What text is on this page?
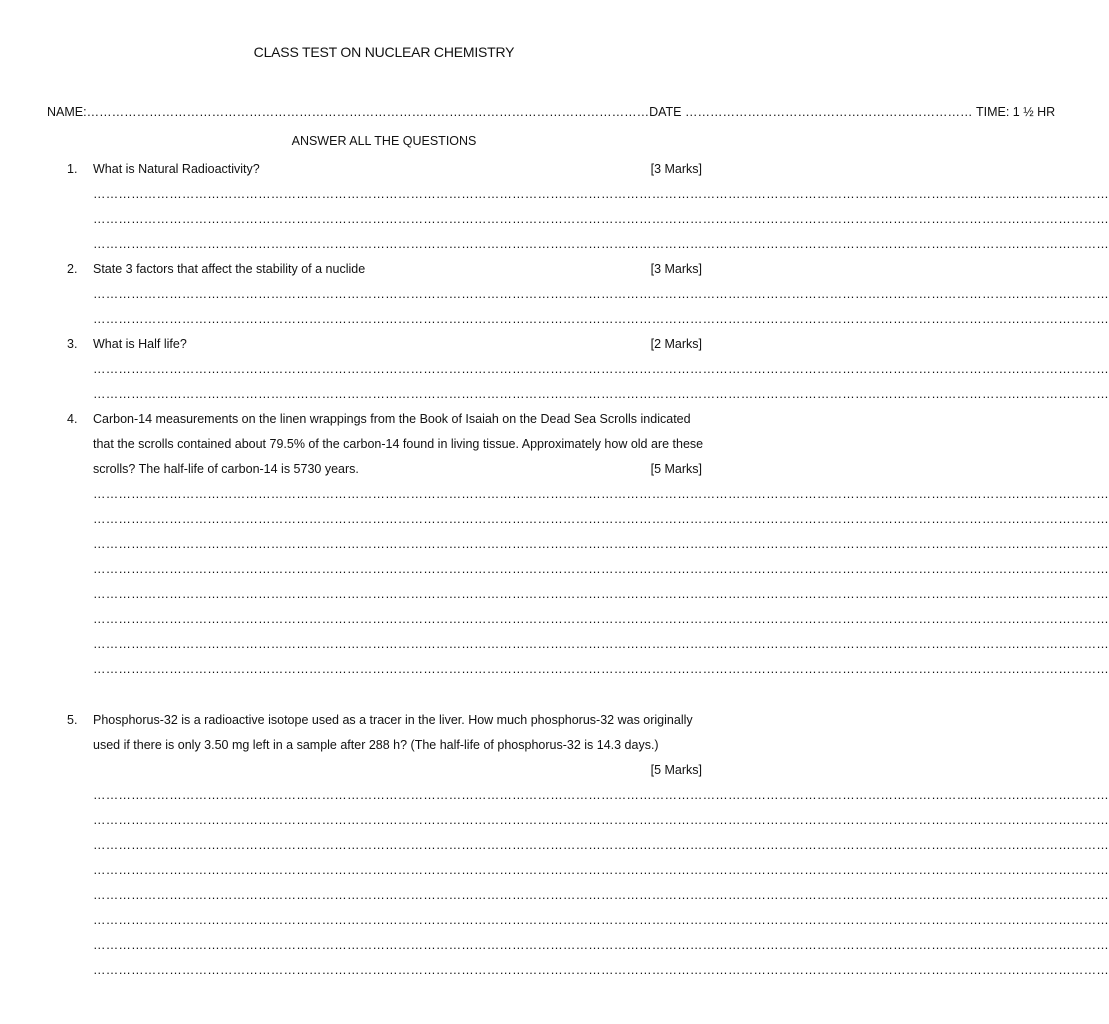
CLASS TEST ON NUCLEAR CHEMISTRY
NAME: ……………………………………………………………………………………………………………………… DATE
……………………………………………………………
TIME: 1 ½ HR
ANSWER ALL THE QUESTIONS
1.	What is Natural Radioactivity?	[3 Marks]
……………………………………………………………………………………………………………………………………………………………………………………………………………………
……………………………………………………………………………………………………………………………………………………………………………………………………………………
……………………………………………………………………………………………………………………………………………………………………………………………………………………
2.	State 3 factors that affect the stability of a nuclide	[3 Marks]
……………………………………………………………………………………………………………………………………………………………………………………………………………………
……………………………………………………………………………………………………………………………………………………………………………………………………………………
3.	What is Half life?	[2 Marks]
……………………………………………………………………………………………………………………………………………………………………………………………………………………
……………………………………………………………………………………………………………………………………………………………………………………………………………………
4.	Carbon-14 measurements on the linen wrappings from the Book of Isaiah on the Dead Sea Scrolls indicated
that the scrolls contained about 79.5% of the carbon-14 found in living tissue. Approximately how old are these
scrolls? The half-life of carbon-14 is 5730 years.	[5 Marks]
……………………………………………………………………………………………………………………………………………………………………………………………………………………
……………………………………………………………………………………………………………………………………………………………………………………………………………………
……………………………………………………………………………………………………………………………………………………………………………………………………………………
……………………………………………………………………………………………………………………………………………………………………………………………………………………
……………………………………………………………………………………………………………………………………………………………………………………………………………………
……………………………………………………………………………………………………………………………………………………………………………………………………………………
……………………………………………………………………………………………………………………………………………………………………………………………………………………
……………………………………………………………………………………………………………………………………………………………………………………………………………………
5.	Phosphorus-32 is a radioactive isotope used as a tracer in the liver. How much phosphorus-32 was originally
used if there is only 3.50 mg left in a sample after 288 h? (The half-life of phosphorus-32 is 14.3 days.)
[5 Marks]
……………………………………………………………………………………………………………………………………………………………………………………………………………………
……………………………………………………………………………………………………………………………………………………………………………………………………………………
……………………………………………………………………………………………………………………………………………………………………………………………………………………
……………………………………………………………………………………………………………………………………………………………………………………………………………………
……………………………………………………………………………………………………………………………………………………………………………………………………………………
……………………………………………………………………………………………………………………………………………………………………………………………………………………
……………………………………………………………………………………………………………………………………………………………………………………………………………………
……………………………………………………………………………………………………………………………………………………………………………………………………………………
